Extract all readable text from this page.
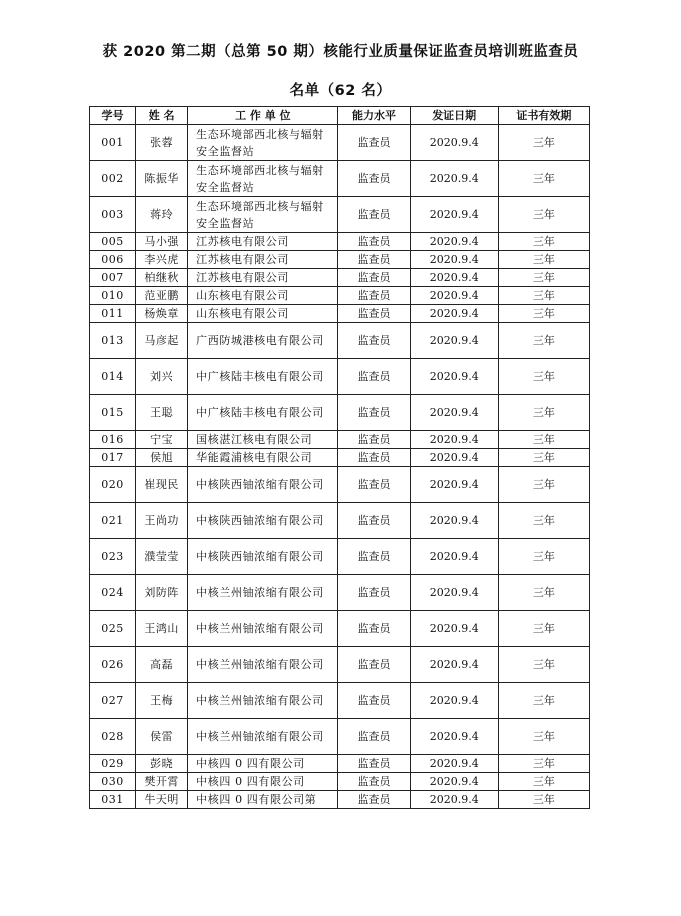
获 2020 第二期（总第 50 期）核能行业质量保证监查员培训班监查员
名单（62 名）
学号	姓 名	工 作 单 位	能力水平	发证日期	证书有效期
001	张蓉	生态环境部西北核与辐射安全监督站	监查员	2020.9.4	三年
002	陈振华	生态环境部西北核与辐射安全监督站	监查员	2020.9.4	三年
003	蒋玲	生态环境部西北核与辐射安全监督站	监查员	2020.9.4	三年
005	马小强	江苏核电有限公司	监查员	2020.9.4	三年
006	李兴虎	江苏核电有限公司	监查员	2020.9.4	三年
007	柏继秋	江苏核电有限公司	监查员	2020.9.4	三年
010	范亚鹏	山东核电有限公司	监查员	2020.9.4	三年
011	杨焕章	山东核电有限公司	监查员	2020.9.4	三年
013	马彦起	广西防城港核电有限公司	监查员	2020.9.4	三年
014	刘兴	中广核陆丰核电有限公司	监查员	2020.9.4	三年
015	王聪	中广核陆丰核电有限公司	监查员	2020.9.4	三年
016	宁宝	国核湛江核电有限公司	监查员	2020.9.4	三年
017	侯旭	华能霞浦核电有限公司	监查员	2020.9.4	三年
020	崔现民	中核陕西铀浓缩有限公司	监查员	2020.9.4	三年
021	王尚功	中核陕西铀浓缩有限公司	监查员	2020.9.4	三年
023	濮莹莹	中核陕西铀浓缩有限公司	监查员	2020.9.4	三年
024	刘防阵	中核兰州铀浓缩有限公司	监查员	2020.9.4	三年
025	王鸿山	中核兰州铀浓缩有限公司	监查员	2020.9.4	三年
026	高磊	中核兰州铀浓缩有限公司	监查员	2020.9.4	三年
027	王梅	中核兰州铀浓缩有限公司	监查员	2020.9.4	三年
028	侯雷	中核兰州铀浓缩有限公司	监查员	2020.9.4	三年
029	彭晓	中核四 0 四有限公司	监查员	2020.9.4	三年
030	樊开霄	中核四 0 四有限公司	监查员	2020.9.4	三年
031	牛天明	中核四 0 四有限公司第	监查员	2020.9.4	三年
